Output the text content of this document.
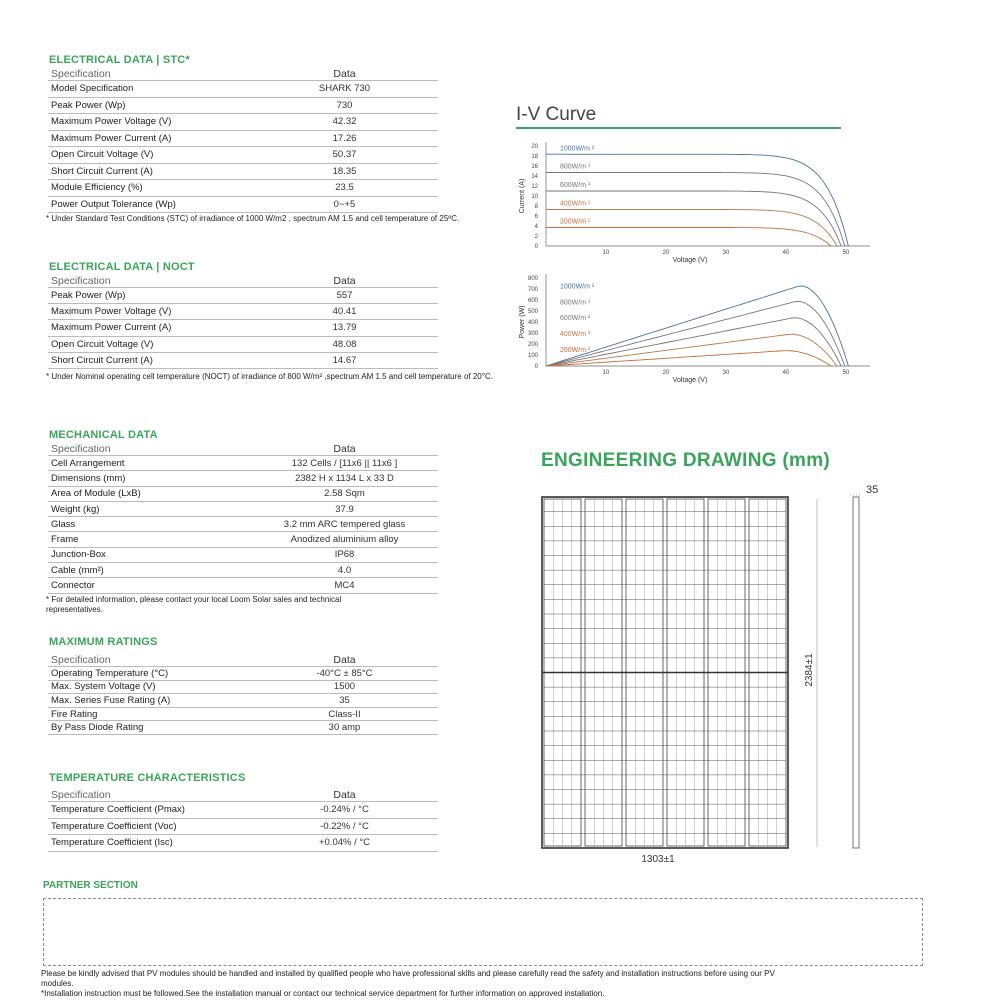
ELECTRICAL DATA | STC*
Specification	Data
Model Specification	SHARK 730
Peak Power (Wp)	730
Maximum Power Voltage (V)	42.32
Maximum Power Current (A)	17.26
Open Circuit Voltage (V)	50.37
Short Circuit Current (A)	18.35
Module Efficiency (%)	23.5
Power Output Tolerance (Wp)	0~+5
* Under Standard Test Conditions (STC) of irradiance of 1000 W/m2 , spectrum AM 1.5 and cell temperature of 25ºC.
ELECTRICAL DATA | NOCT
Specification	Data
Peak Power (Wp)	557
Maximum Power Voltage (V)	40.41
Maximum Power Current (A)	13.79
Open Circuit Voltage (V)	48.08
Short Circuit Current (A)	14.67
* Under Nominal operating cell temperature (NOCT) of irradiance of 800 W/m² ,spectrum AM 1.5 and cell temperature of 20°C.
MECHANICAL DATA
Specification	Data
Cell Arrangement	132 Cells / [11x6 || 11x6 ]
Dimensions (mm)	2382 H x 1134 L x 33 D
Area of Module (LxB)	2.58 Sqm
Weight (kg)	37.9
Glass	3.2 mm ARC tempered glass
Frame	Anodized aluminium alloy
Junction-Box	IP68
Cable (mm²)	4.0
Connector	MC4
* For detailed information, please contact your local Loom Solar sales and technical representatives.
MAXIMUM RATINGS
Specification	Data
Operating Temperature (°C)	-40°C ± 85°C
Max. System Voltage (V)	1500
Max. Series Fuse Rating (A)	35
Fire Rating	Class-II
By Pass Diode Rating	30 amp
TEMPERATURE CHARACTERISTICS
Specification	Data
Temperature Coefficient (Pmax)	-0.24% / °C
Temperature Coefficient (Voc)	-0.22% / °C
Temperature Coefficient (Isc)	+0.04% / °C
I-V Curve
0
2
4
6
8
10
12
14
16
18
20
10	20	30	40	50
Voltage (V)
Current (A)
1000W/m ²
800W/m ²
600W/m ²
400W/m ²
200W/m ²
0
100
200
300
400
500
600
700
800
10	20	30	40	50
Voltage (V)
Power (W)
1000W/m ²
800W/m ²
600W/m ²
400W/m ²
200W/m ²
ENGINEERING DRAWING (mm)
2384±1
35
1303±1
PARTNER SECTION
Please be kindly advised that PV modules should be handled and installed by qualified people who have professional skills and please carefully read the safety and installation instructions before using our PV modules.
*Installation instruction must be followed.See the installation manual or contact our technical service department for further information on approved installation.
